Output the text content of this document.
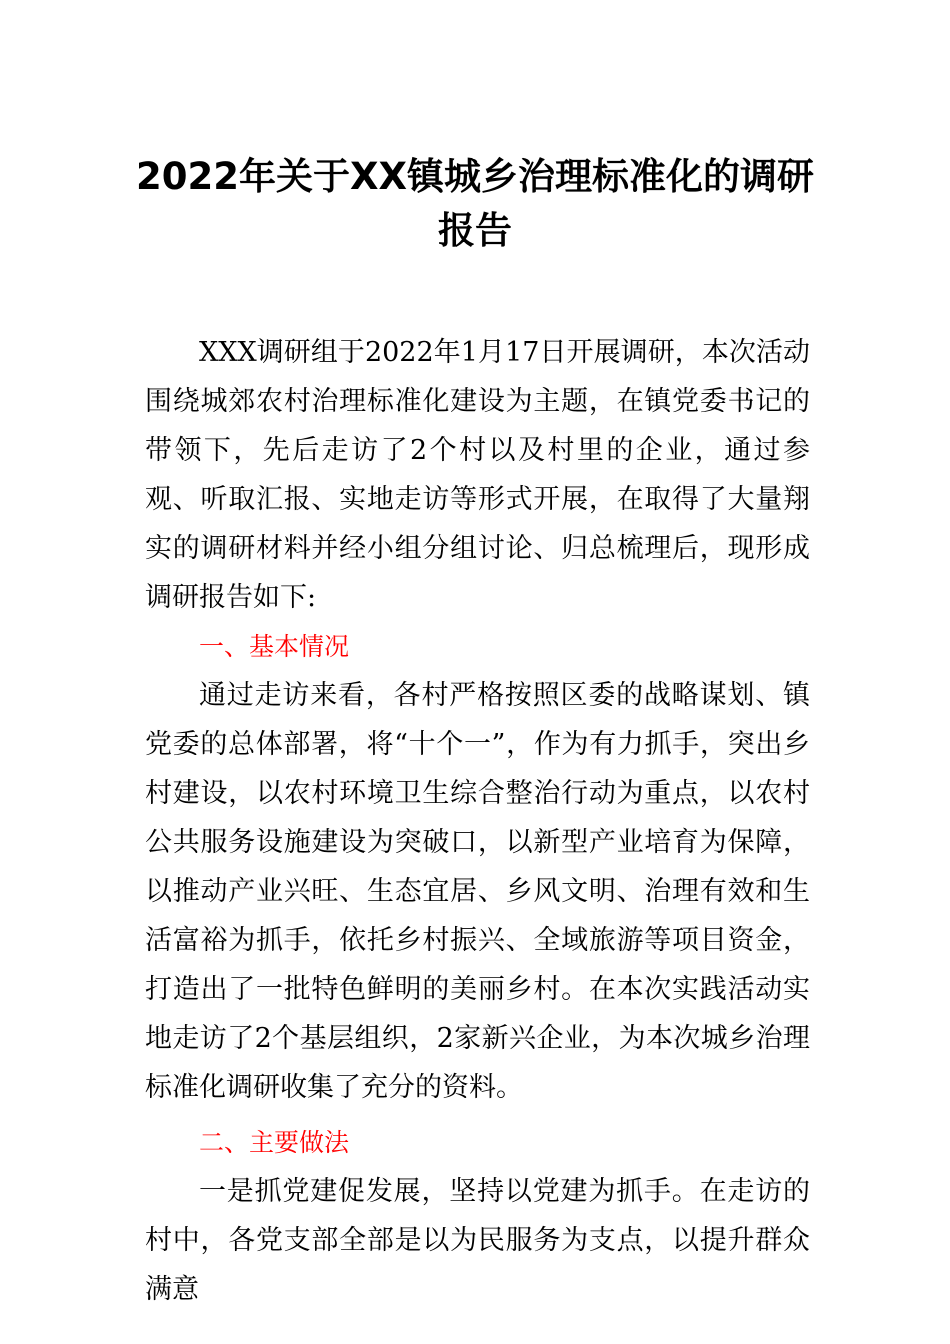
2022年关于XX镇城乡治理标准化的调研报告

XXX调研组于2022年1月17日开展调研，本次活动围绕城郊农村治理标准化建设为主题，在镇党委书记的带领下，先后走访了2个村以及村里的企业，通过参观、听取汇报、实地走访等形式开展，在取得了大量翔实的调研材料并经小组分组讨论、归总梳理后，现形成调研报告如下:

一、基本情况

通过走访来看，各村严格按照区委的战略谋划、镇党委的总体部署，将“十个一”，作为有力抓手，突出乡村建设，以农村环境卫生综合整治行动为重点，以农村公共服务设施建设为突破口，以新型产业培育为保障，以推动产业兴旺、生态宜居、乡风文明、治理有效和生活富裕为抓手，依托乡村振兴、全域旅游等项目资金，打造出了一批特色鲜明的美丽乡村。在本次实践活动实地走访了2个基层组织，2家新兴企业，为本次城乡治理标准化调研收集了充分的资料。

二、主要做法

一是抓党建促发展，坚持以党建为抓手。在走访的村中，各党支部全部是以为民服务为支点，以提升群众满意
